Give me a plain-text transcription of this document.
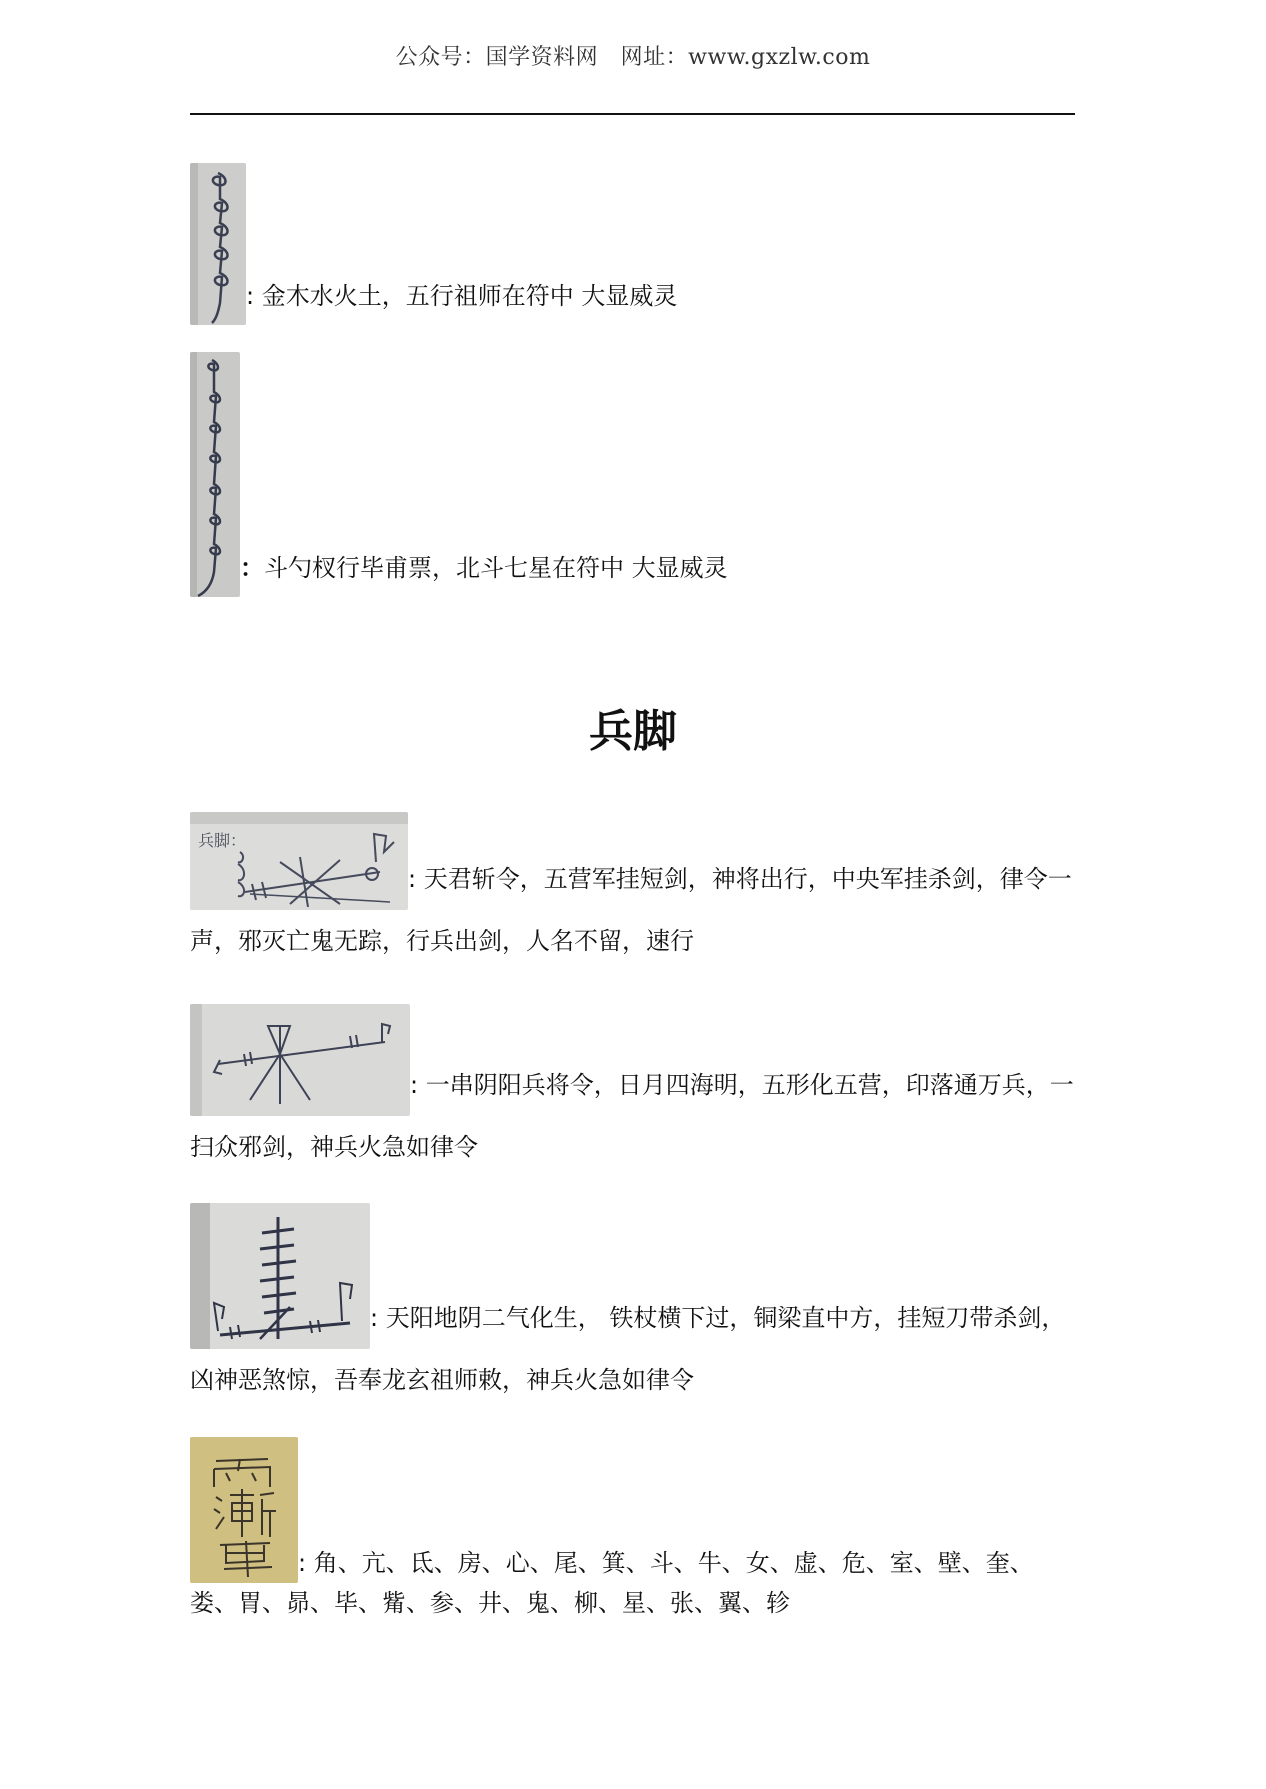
公众号：国学资料网　网址：www.gxzlw.com
: 金木水火土，五行祖师在符中 大显威灵
：斗勺杈行毕甫票，北斗七星在符中 大显威灵
兵脚
兵脚：
: 天君斩令，五营军挂短剑，神将出行，中央军挂杀剑，律令一声，邪灭亡鬼无踪，行兵出剑，人名不留，速行
: 一串阴阳兵将令，日月四海明，五形化五营，印落通万兵，一扫众邪剑，神兵火急如律令
: 天阳地阴二气化生， 铁杖横下过，铜梁直中方，挂短刀带杀剑，凶神恶煞惊，吾奉龙玄祖师敕，神兵火急如律令
: 角、亢、氐、房、心、尾、箕、斗、牛、女、虚、危、室、壁、奎、娄、胃、昴、毕、觜、参、井、鬼、柳、星、张、翼、轸
